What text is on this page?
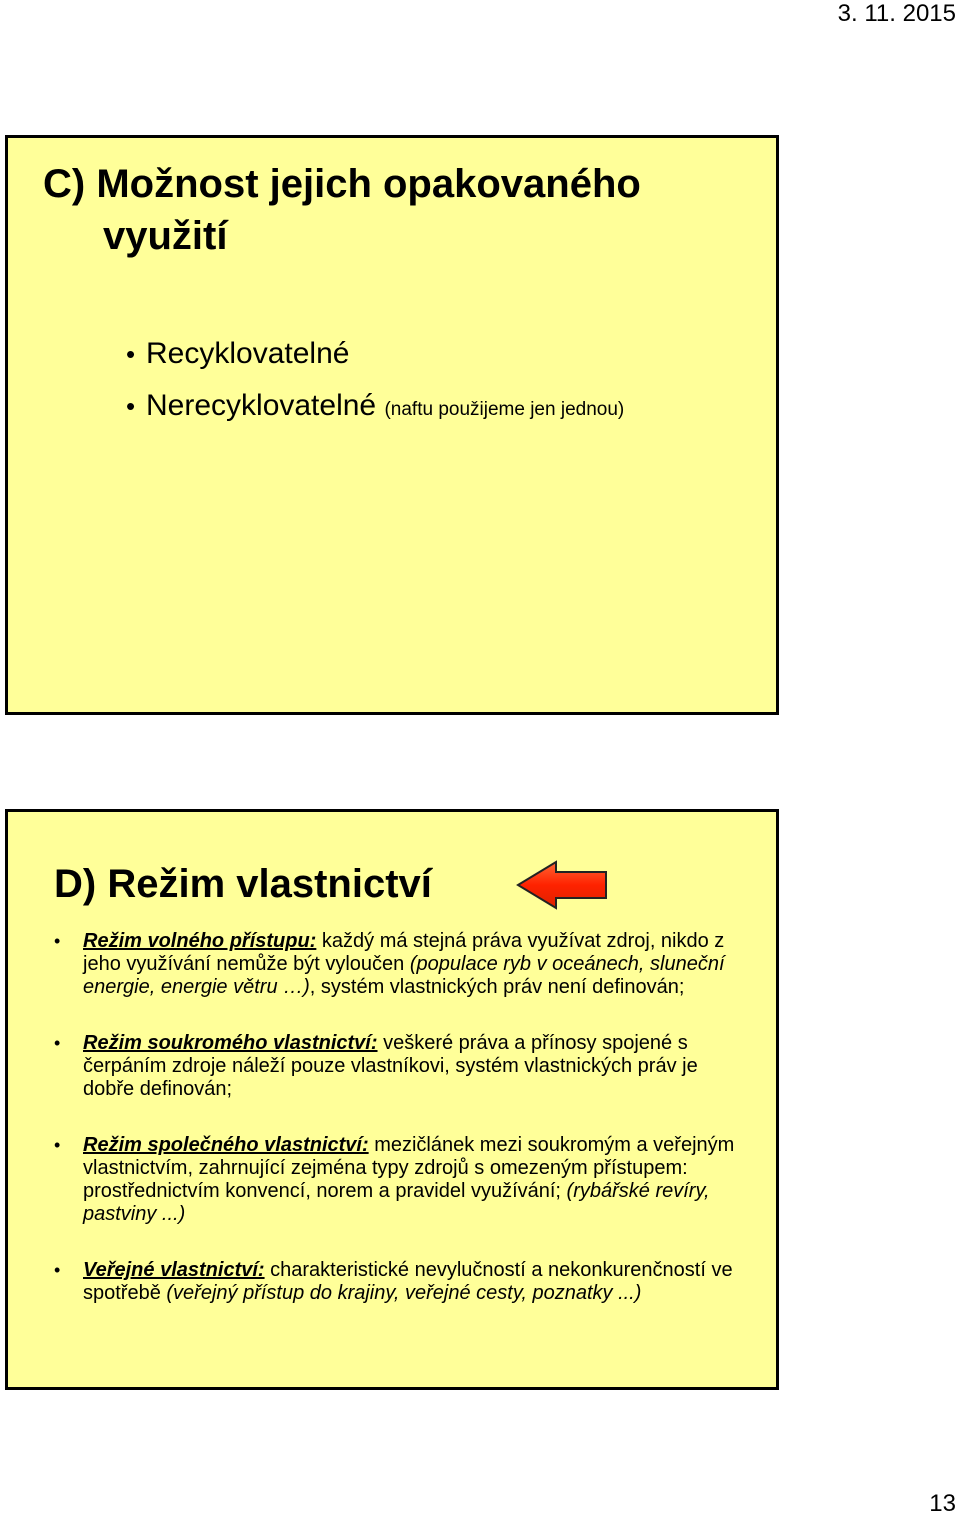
3. 11. 2015
C) Možnost jejich opakovaného
využití
• Recyklovatelné
• Nerecyklovatelné (naftu použijeme jen jednou)
D) Režim vlastnictví
• Režim volného přístupu: každý má stejná práva využívat zdroj, nikdo z jeho využívání nemůže být vyloučen (populace ryb v oceánech, sluneční energie, energie větru …), systém vlastnických práv není definován;
• Režim soukromého vlastnictví: veškeré práva a přínosy spojené s čerpáním zdroje náleží pouze vlastníkovi, systém vlastnických práv je dobře definován;
• Režim společného vlastnictví: mezičlánek mezi soukromým a veřejným vlastnictvím, zahrnující zejména typy zdrojů s omezeným přístupem: prostřednictvím konvencí, norem a pravidel využívání; (rybářské revíry, pastviny ...)
• Veřejné vlastnictví: charakteristické nevylučností a nekonkurenčností ve spotřebě (veřejný přístup do krajiny, veřejné cesty, poznatky ...)
13
